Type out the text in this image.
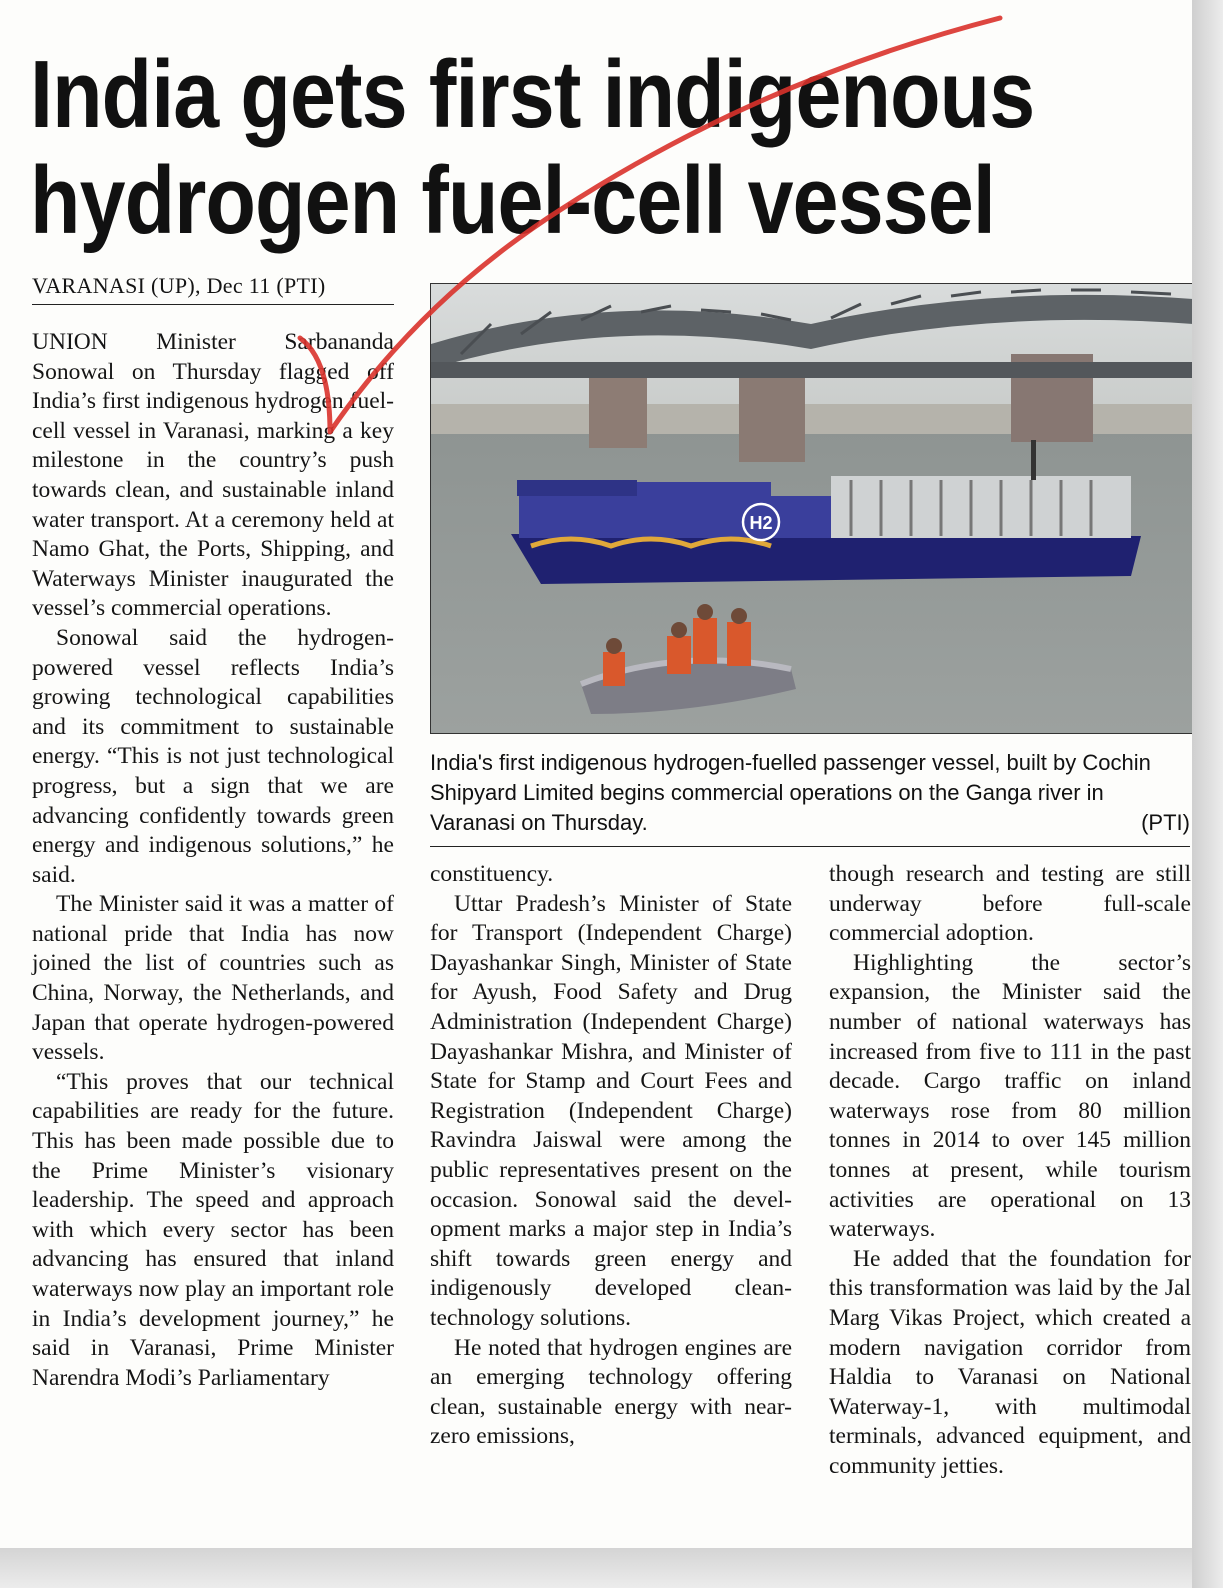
India gets first indigenous
hydrogen fuel-cell vessel
VARANASI (UP), Dec 11 (PTI)

UNION Minister Sarbananda Sonowal on Thursday flagged off India’s first indigenous hydrogen fuel-cell vessel in Varanasi, marking a key milestone in the country’s push towards clean, and sustainable inland water transport. At a ceremony held at Namo Ghat, the Ports, Shipping, and Waterways Minister inaugurated the vessel’s commercial operations.

Sonowal said the hydrogen-powered vessel reflects India’s growing technological capabilities and its commitment to sustainable energy. “This is not just technological progress, but a sign that we are advancing confidently towards green energy and indigenous solutions,” he said.

The Minister said it was a matter of national pride that India has now joined the list of countries such as China, Norway, the Netherlands, and Japan that operate hydrogen-powered vessels.

“This proves that our technical capabilities are ready for the future. This has been made possible due to the Prime Minister’s visionary leadership. The speed and approach with which every sector has been advancing has ensured that inland waterways now play an important role in India’s development journey,” he said in Varanasi, Prime Minister Narendra Modi’s Parliamentary

H2
India's first indigenous hydrogen-fuelled passenger vessel, built by Cochin Shipyard Limited begins commercial operations on the Ganga river in Varanasi on Thursday.	(PTI)

constituency.

Uttar Pradesh’s Minister of State for Transport (Independent Charge) Dayashankar Singh, Minister of State for Ayush, Food Safety and Drug Administration (Independent Charge) Dayashankar Mishra, and Minister of State for Stamp and Court Fees and Registration (Independent Charge) Ravindra Jaiswal were among the public representatives present on the occasion. Sonowal said the development marks a major step in India’s shift towards green energy and indigenously developed clean-technology solutions.

He noted that hydrogen engines are an emerging technology offering clean, sustainable energy with near-zero emissions,

though research and testing are still underway before full-scale commercial adoption.

Highlighting the sector’s expansion, the Minister said the number of national waterways has increased from five to 111 in the past decade. Cargo traffic on inland waterways rose from 80 million tonnes in 2014 to over 145 million tonnes at present, while tourism activities are operational on 13 waterways.

He added that the foundation for this transformation was laid by the Jal Marg Vikas Project, which created a modern navigation corridor from Haldia to Varanasi on National Waterway-1, with multimodal terminals, advanced equipment, and community jetties.
